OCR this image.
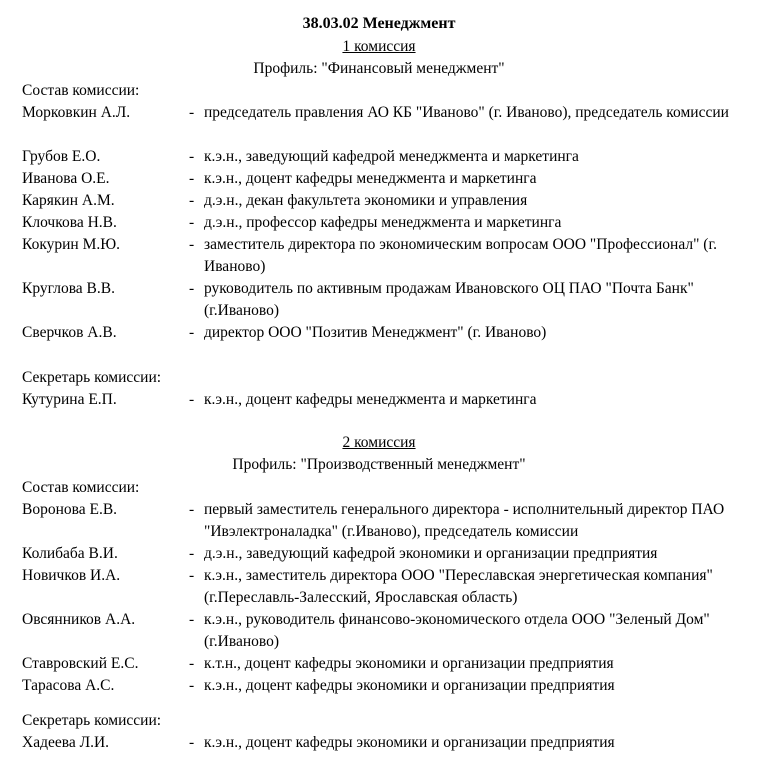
38.03.02 Менеджмент
1 комиссия
Профиль: "Финансовый менеджмент"
Состав комиссии:
Морковкин А.Л.	- председатель правления АО КБ "Иваново" (г. Иваново), председатель комиссии
Грубов Е.О.	- к.э.н., заведующий кафедрой менеджмента и маркетинга
Иванова О.Е.	- к.э.н., доцент кафедры менеджмента и маркетинга
Карякин А.М.	- д.э.н., декан факультета экономики и управления
Клочкова Н.В.	- д.э.н., профессор кафедры менеджмента и маркетинга
Кокурин М.Ю.	- заместитель директора по экономическим вопросам ООО "Профессионал" (г. Иваново)
Круглова В.В.	- руководитель по активным продажам Ивановского ОЦ ПАО "Почта Банк" (г.Иваново)
Сверчков А.В.	- директор ООО "Позитив Менеджмент" (г. Иваново)
Секретарь комиссии:
Кутурина Е.П.	- к.э.н., доцент кафедры менеджмента и маркетинга
2 комиссия
Профиль: "Производственный менеджмент"
Состав комиссии:
Воронова Е.В.	- первый заместитель генерального директора - исполнительный директор ПАО "Ивэлектроналадка" (г.Иваново), председатель комиссии
Колибаба В.И.	- д.э.н., заведующий кафедрой экономики и организации предприятия
Новичков И.А.	- к.э.н., заместитель директора ООО "Переславская энергетическая компания" (г.Переславль-Залесский, Ярославская область)
Овсянников А.А.	- к.э.н., руководитель финансово-экономического отдела ООО "Зеленый Дом" (г.Иваново)
Ставровский Е.С.	- к.т.н., доцент кафедры экономики и организации предприятия
Тарасова А.С.	- к.э.н., доцент кафедры экономики и организации предприятия
Секретарь комиссии:
Хадеева Л.И.	- к.э.н., доцент кафедры экономики и организации предприятия
